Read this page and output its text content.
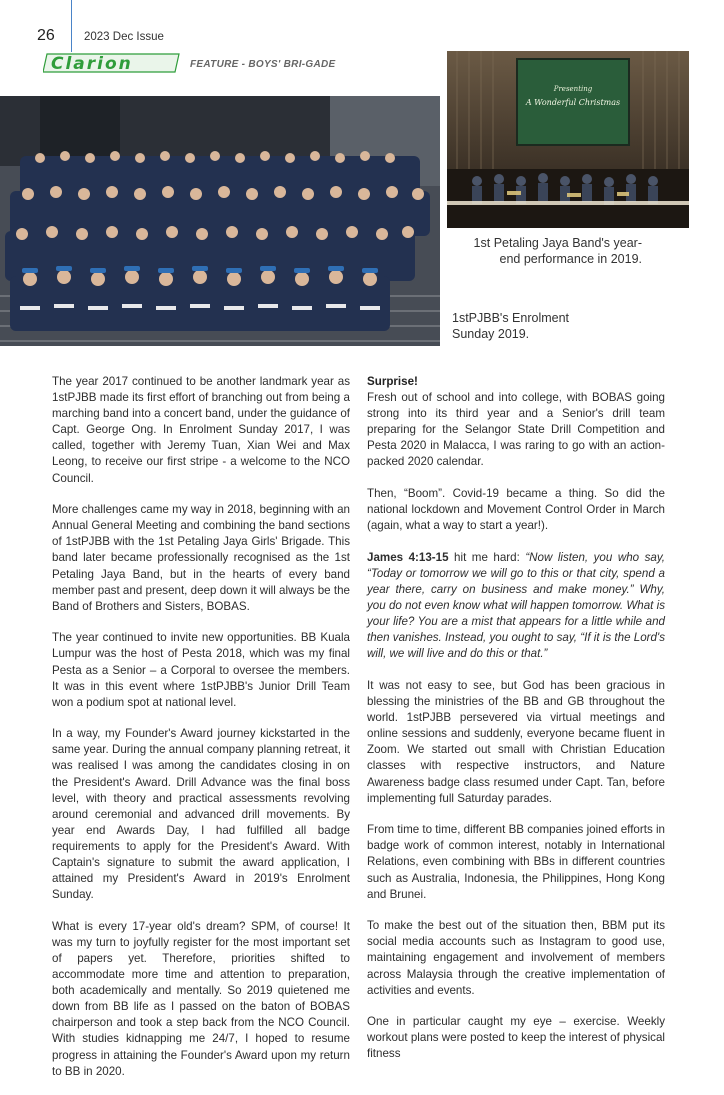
26	2023 Dec Issue
Clarion	FEATURE - BOYS' BRI-GADE
Presenting
A Wonderful Christmas
1st Petaling Jaya Band's year-end performance in 2019.
1stPJBB's Enrolment Sunday 2019.

The year 2017 continued to be another landmark year as 1stPJBB made its first effort of branching out from being a marching band into a concert band, under the guidance of Capt. George Ong. In Enrolment Sunday 2017, I was called, together with Jeremy Tuan, Xian Wei and Max Leong, to receive our first stripe - a welcome to the NCO Council.

More challenges came my way in 2018, beginning with an Annual General Meeting and combining the band sections of 1stPJBB with the 1st Petaling Jaya Girls' Brigade. This band later became professionally recognised as the 1st Petaling Jaya Band, but in the hearts of every band member past and present, deep down it will always be the Band of Brothers and Sisters, BOBAS.

The year continued to invite new opportunities. BB Kuala Lumpur was the host of Pesta 2018, which was my final Pesta as a Senior – a Corporal to oversee the members. It was in this event where 1stPJBB's Junior Drill Team won a podium spot at national level.

In a way, my Founder's Award journey kickstarted in the same year. During the annual company planning retreat, it was realised I was among the candidates closing in on the President's Award. Drill Advance was the final boss level, with theory and practical assessments revolving around ceremonial and advanced drill movements. By year end Awards Day, I had fulfilled all badge requirements to apply for the President's Award. With Captain's signature to submit the award application, I attained my President's Award in 2019's Enrolment Sunday.

What is every 17-year old's dream? SPM, of course! It was my turn to joyfully register for the most important set of papers yet. Therefore, priorities shifted to accommodate more time and attention to preparation, both academically and mentally. So 2019 quietened me down from BB life as I passed on the baton of BOBAS chairperson and took a step back from the NCO Council. With studies kidnapping me 24/7, I hoped to resume progress in attaining the Founder's Award upon my return to BB in 2020.

Surprise!

Fresh out of school and into college, with BOBAS going strong into its third year and a Senior's drill team preparing for the Selangor State Drill Competition and Pesta 2020 in Malacca, I was raring to go with an action-packed 2020 calendar.

Then, “Boom”. Covid-19 became a thing. So did the national lockdown and Movement Control Order in March (again, what a way to start a year!).

James 4:13-15 hit me hard: “Now listen, you who say, “Today or tomorrow we will go to this or that city, spend a year there, carry on business and make money.” Why, you do not even know what will happen tomorrow. What is your life? You are a mist that appears for a little while and then vanishes. Instead, you ought to say, “If it is the Lord's will, we will live and do this or that.”

It was not easy to see, but God has been gracious in blessing the ministries of the BB and GB throughout the world. 1stPJBB persevered via virtual meetings and online sessions and suddenly, everyone became fluent in Zoom. We started out small with Christian Education classes with respective instructors, and Nature Awareness badge class resumed under Capt. Tan, before implementing full Saturday parades.

From time to time, different BB companies joined efforts in badge work of common interest, notably in International Relations, even combining with BBs in different countries such as Australia, Indonesia, the Philippines, Hong Kong and Brunei.

To make the best out of the situation then, BBM put its social media accounts such as Instagram to good use, maintaining engagement and involvement of members across Malaysia through the creative implementation of activities and events.

One in particular caught my eye – exercise. Weekly workout plans were posted to keep the interest of physical fitness
